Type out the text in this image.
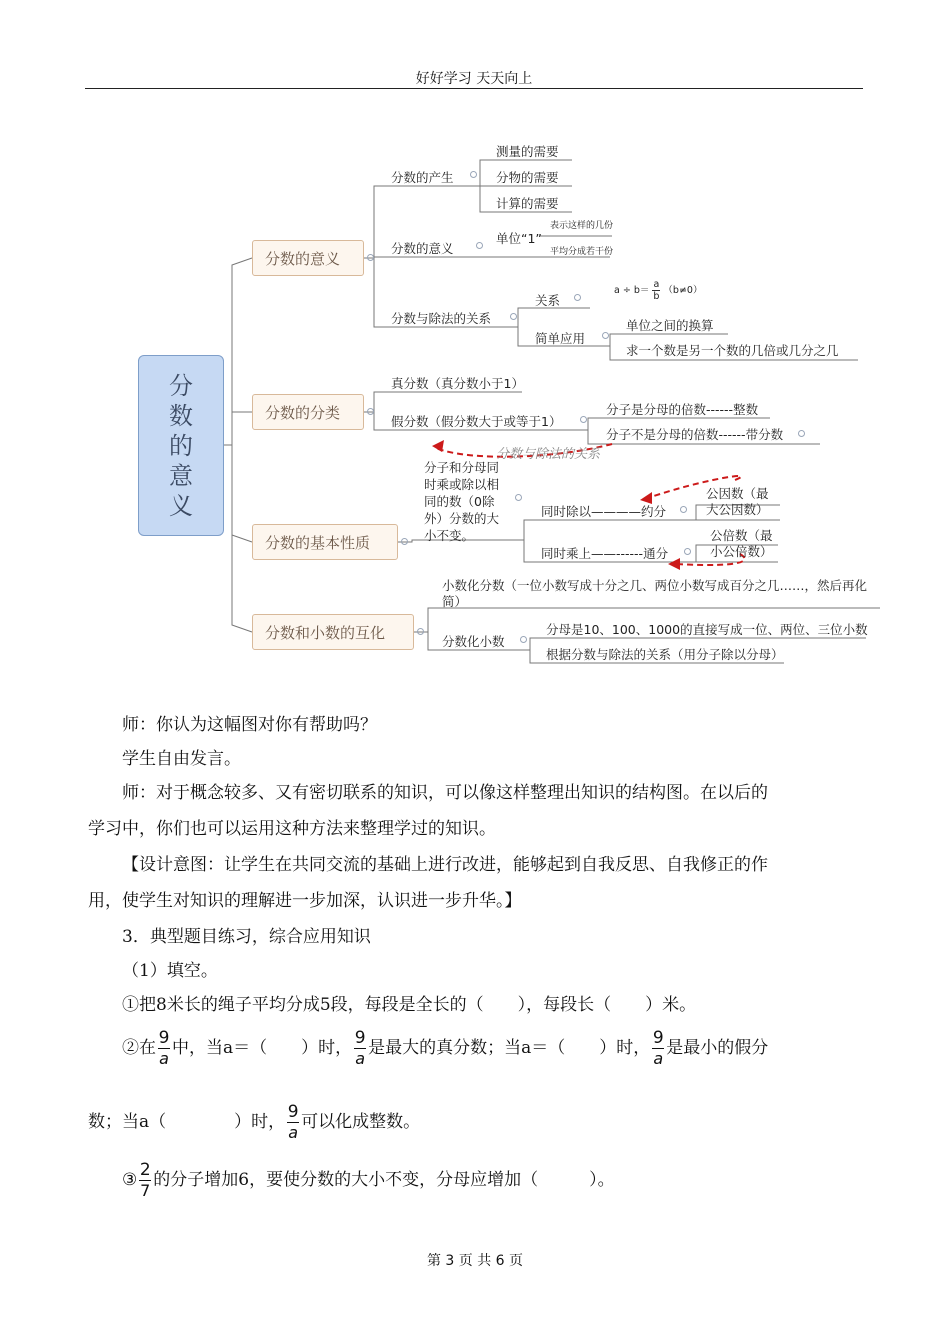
好好学习 天天向上
分
数
的
意
义
分数的意义
分数的分类
分数的基本性质
分数和小数的互化
分数的产生
测量的需要
分物的需要
计算的需要
分数的意义
单位“1”
表示这样的几份
平均分成若干份
分数与除法的关系
关系
$a \div b= \frac{a}{b} (b\ne 0)$
简单应用
单位之间的换算
求一个数是另一个数的几倍或几分之几
真分数（真分数小于1）
假分数（假分数大于或等于1）
分子是分母的倍数------整数
分子不是分母的倍数------带分数
分数与除法的关系
分子和分母同
时乘或除以相
同的数（0除
外）分数的大
小不变。
同时除以————约分
公因数（最
大公因数）
同时乘上——------通分
公倍数（最
小公倍数）
小数化分数（一位小数写成十分之几、两位小数写成百分之几……，然后再化
简）
分数化小数
分母是10、100、1000的直接写成一位、两位、三位小数
根据分数与除法的关系（用分子除以分母）
师：你认为这幅图对你有帮助吗？
学生自由发言。
师：对于概念较多、又有密切联系的知识，可以像这样整理出知识的结构图。在以后的
学习中，你们也可以运用这种方法来整理学过的知识。
【设计意图：让学生在共同交流的基础上进行改进，能够起到自我反思、自我修正的作
用，使学生对知识的理解进一步加深，认识进一步升华。】
3．典型题目练习，综合应用知识
（1）填空。
①把8米长的绳子平均分成5段，每段是全长的（　　），每段长（　　）米。
②在 $\frac{9}{a}$ 中，当a＝（　　）时， $\frac{9}{a}$ 是最大的真分数；当a＝（　　）时， $\frac{9}{a}$ 是最小的假分
数；当a（　　　　）时， $\frac{9}{a}$ 可以化成整数。
③ $\frac{2}{7}$ 的分子增加6，要使分数的大小不变，分母应增加（　　　）。
第 3 页 共 6 页
